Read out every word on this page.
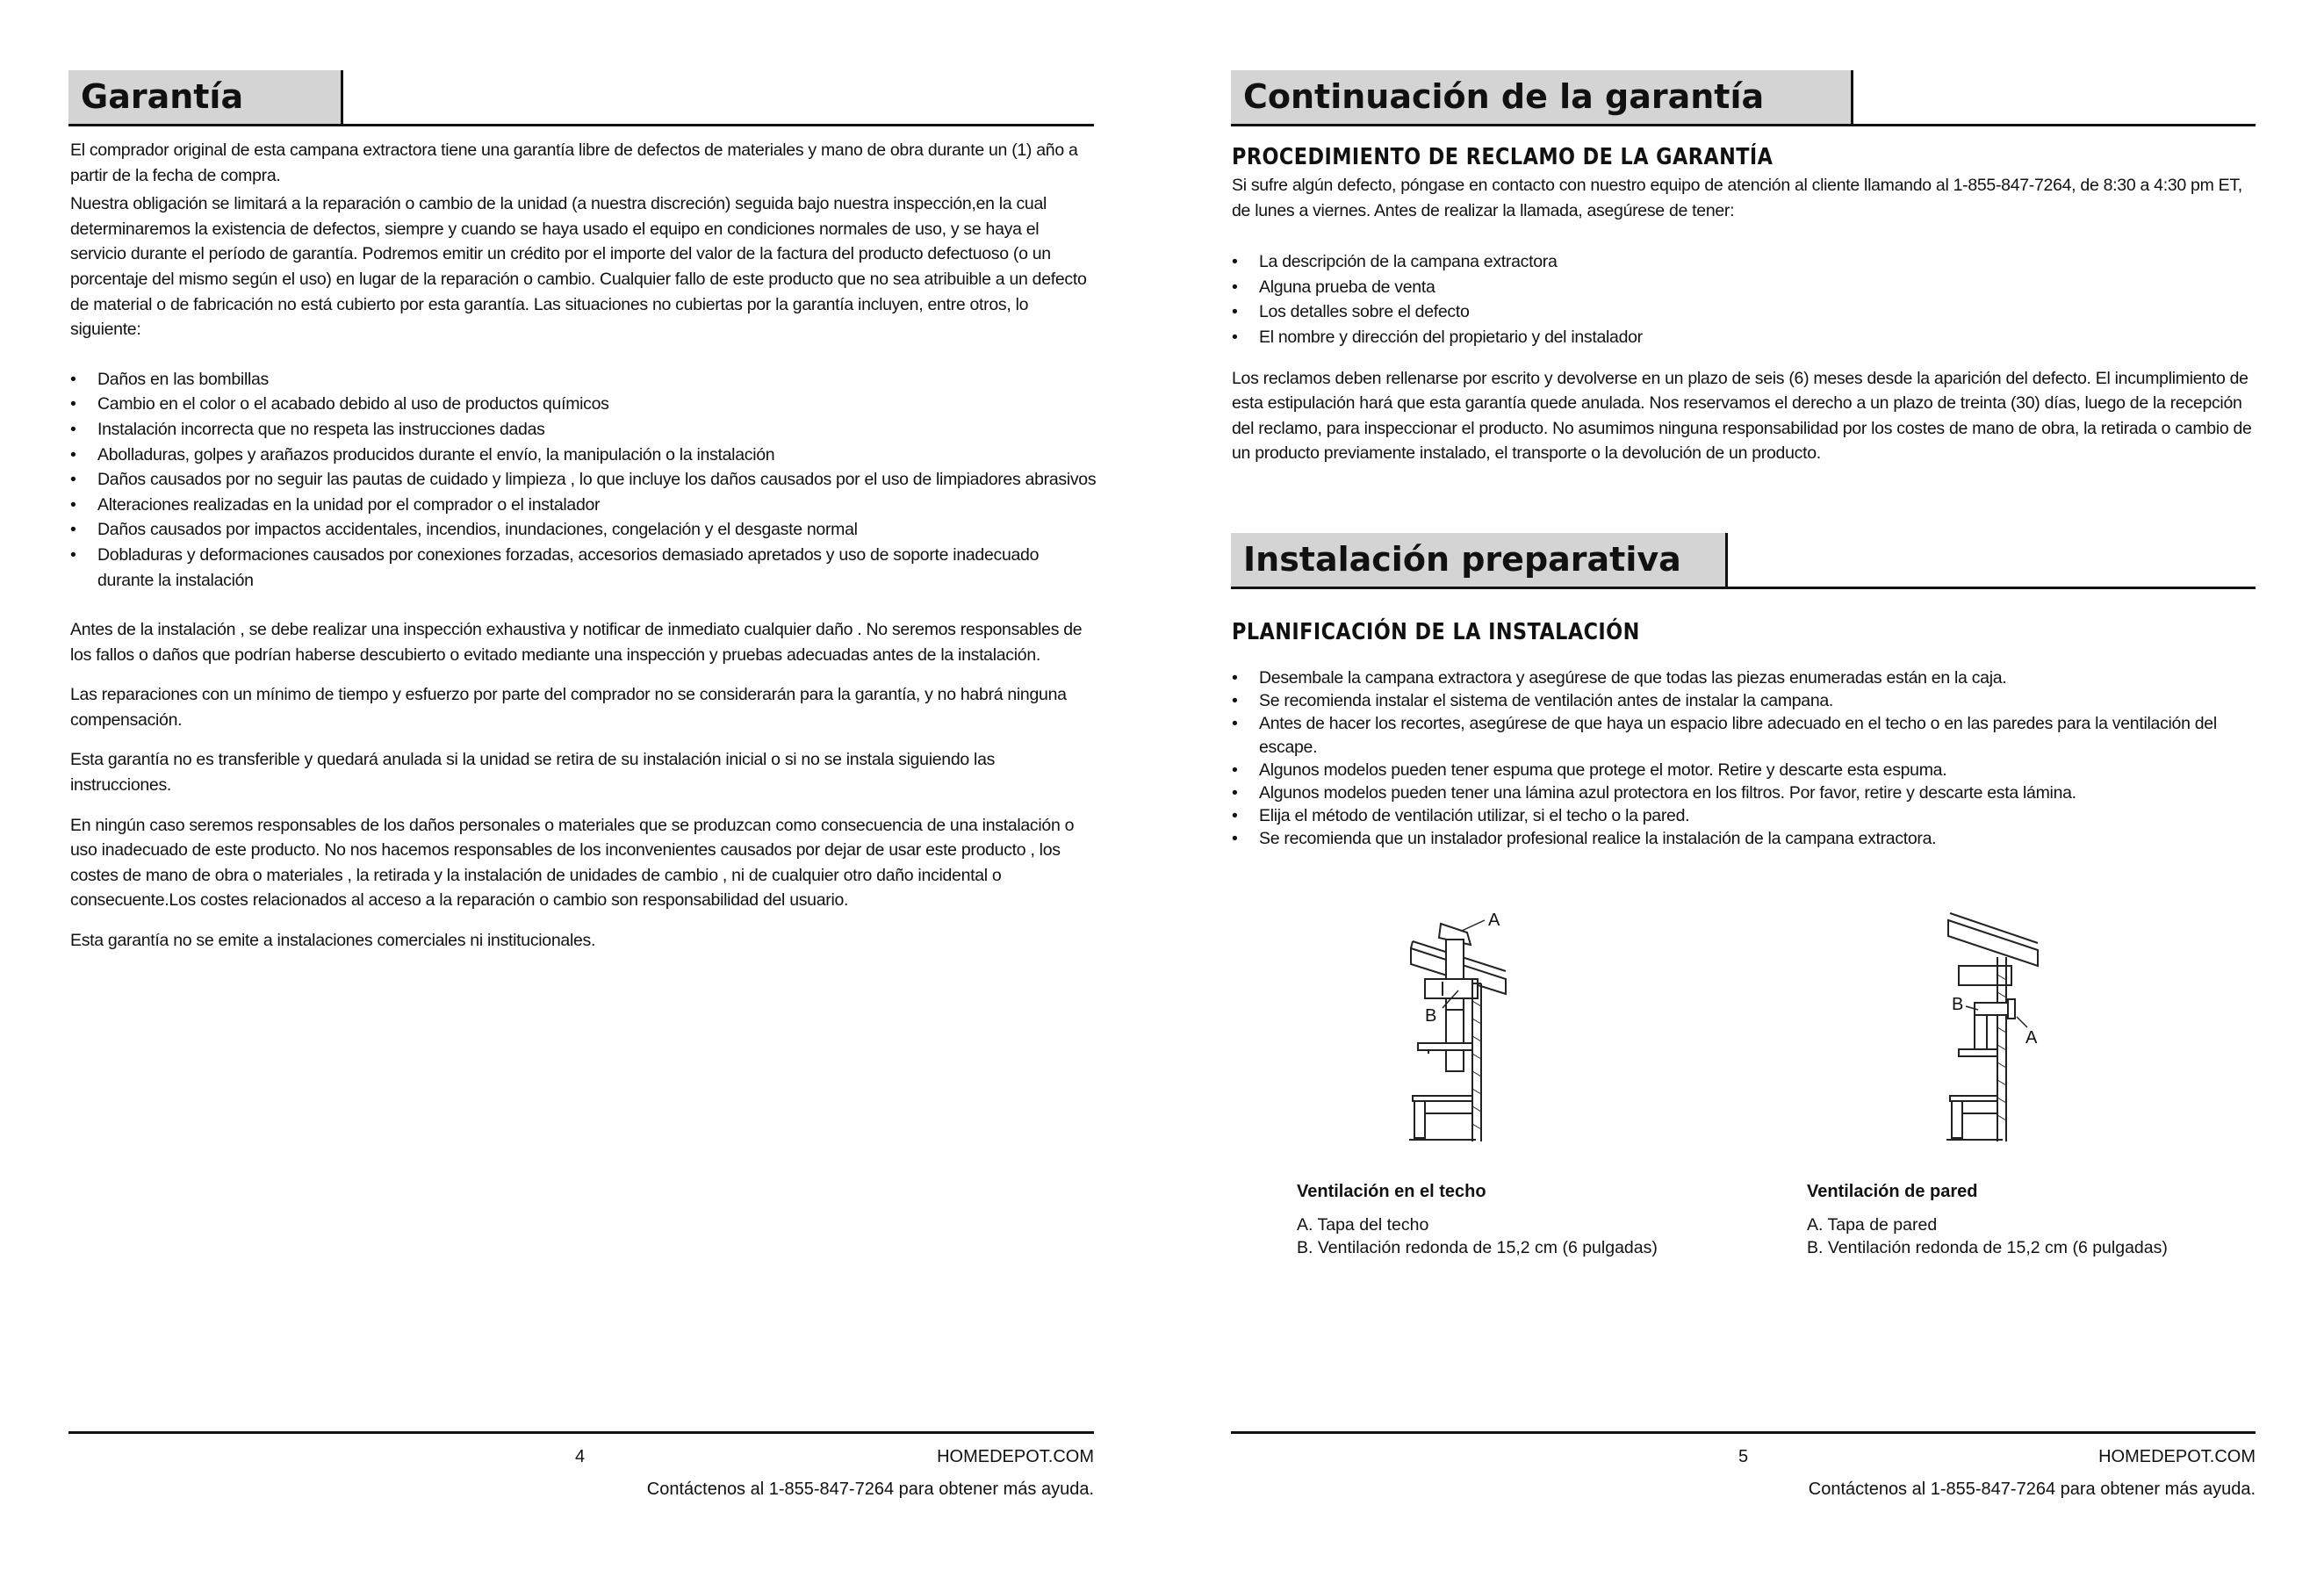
Garantía

El comprador original de esta campana extractora tiene una garantía libre de defectos de materiales y mano de obra durante un (1) año a partir de la fecha de compra.

Nuestra obligación se limitará a la reparación o cambio de la unidad (a nuestra discreción) seguida bajo nuestra inspección,en la cual determinaremos la existencia de defectos, siempre y cuando se haya usado el equipo en condiciones normales de uso, y se haya el servicio durante el período de garantía. Podremos emitir un crédito por el importe del valor de la factura del producto defectuoso (o un porcentaje del mismo según el uso) en lugar de la reparación o cambio. Cualquier fallo de este producto que no sea atribuible a un defecto de material o de fabricación no está cubierto por esta garantía. Las situaciones no cubiertas por la garantía incluyen, entre otros, lo siguiente:

• Daños en las bombillas
• Cambio en el color o el acabado debido al uso de productos químicos
• Instalación incorrecta que no respeta las instrucciones dadas
• Abolladuras, golpes y arañazos producidos durante el envío, la manipulación o la instalación
• Daños causados por no seguir las pautas de cuidado y limpieza , lo que incluye los daños causados por el uso de limpiadores abrasivos
• Alteraciones realizadas en la unidad por el comprador o el instalador
• Daños causados por impactos accidentales, incendios, inundaciones, congelación y el desgaste normal
• Dobladuras y deformaciones causados por conexiones forzadas, accesorios demasiado apretados y uso de soporte inadecuado durante la instalación

Antes de la instalación , se debe realizar una inspección exhaustiva y notificar de inmediato cualquier daño . No seremos responsables de los fallos o daños que podrían haberse descubierto o evitado mediante una inspección y pruebas adecuadas antes de la instalación.

Las reparaciones con un mínimo de tiempo y esfuerzo por parte del comprador no se considerarán para la garantía, y no habrá ninguna compensación.

Esta garantía no es transferible y quedará anulada si la unidad se retira de su instalación inicial o si no se instala siguiendo las instrucciones.

En ningún caso seremos responsables de los daños personales o materiales que se produzcan como consecuencia de una instalación o uso inadecuado de este producto. No nos hacemos responsables de los inconvenientes causados por dejar de usar este producto , los costes de mano de obra o materiales , la retirada y la instalación de unidades de cambio , ni de cualquier otro daño incidental o consecuente.Los costes relacionados al acceso a la reparación o cambio son responsabilidad del usuario.

Esta garantía no se emite a instalaciones comerciales ni institucionales.

4	HOMEDEPOT.COM
Contáctenos al 1-855-847-7264 para obtener más ayuda.
Continuación de la garantía
PROCEDIMIENTO DE RECLAMO DE LA GARANTÍA

Si sufre algún defecto, póngase en contacto con nuestro equipo de atención al cliente llamando al 1-855-847-7264, de 8:30 a 4:30 pm ET, de lunes a viernes. Antes de realizar la llamada, asegúrese de tener:

• La descripción de la campana extractora
• Alguna prueba de venta
• Los detalles sobre el defecto
• El nombre y dirección del propietario y del instalador

Los reclamos deben rellenarse por escrito y devolverse en un plazo de seis (6) meses desde la aparición del defecto. El incumplimiento de esta estipulación hará que esta garantía quede anulada. Nos reservamos el derecho a un plazo de treinta (30) días, luego de la recepción del reclamo, para inspeccionar el producto. No asumimos ninguna responsabilidad por los costes de mano de obra, la retirada o cambio de un producto previamente instalado, el transporte o la devolución de un producto.

Instalación preparativa
PLANIFICACIÓN DE LA INSTALACIÓN
• Desembale la campana extractora y asegúrese de que todas las piezas enumeradas están en la caja.
• Se recomienda instalar el sistema de ventilación antes de instalar la campana.
• Antes de hacer los recortes, asegúrese de que haya un espacio libre adecuado en el techo o en las paredes para la ventilación del escape.
• Algunos modelos pueden tener espuma que protege el motor. Retire y descarte esta espuma.
• Algunos modelos pueden tener una lámina azul protectora en los filtros. Por favor, retire y descarte esta lámina.
• Elija el método de ventilación utilizar, si el techo o la pared.
• Se recomienda que un instalador profesional realice la instalación de la campana extractora.
A
B
Ventilación en el techo
A. Tapa del techo
B. Ventilación redonda de 15,2 cm (6 pulgadas)
B
A
Ventilación de pared
A. Tapa de pared
B. Ventilación redonda de 15,2 cm (6 pulgadas)
5	HOMEDEPOT.COM
Contáctenos al 1-855-847-7264 para obtener más ayuda.
